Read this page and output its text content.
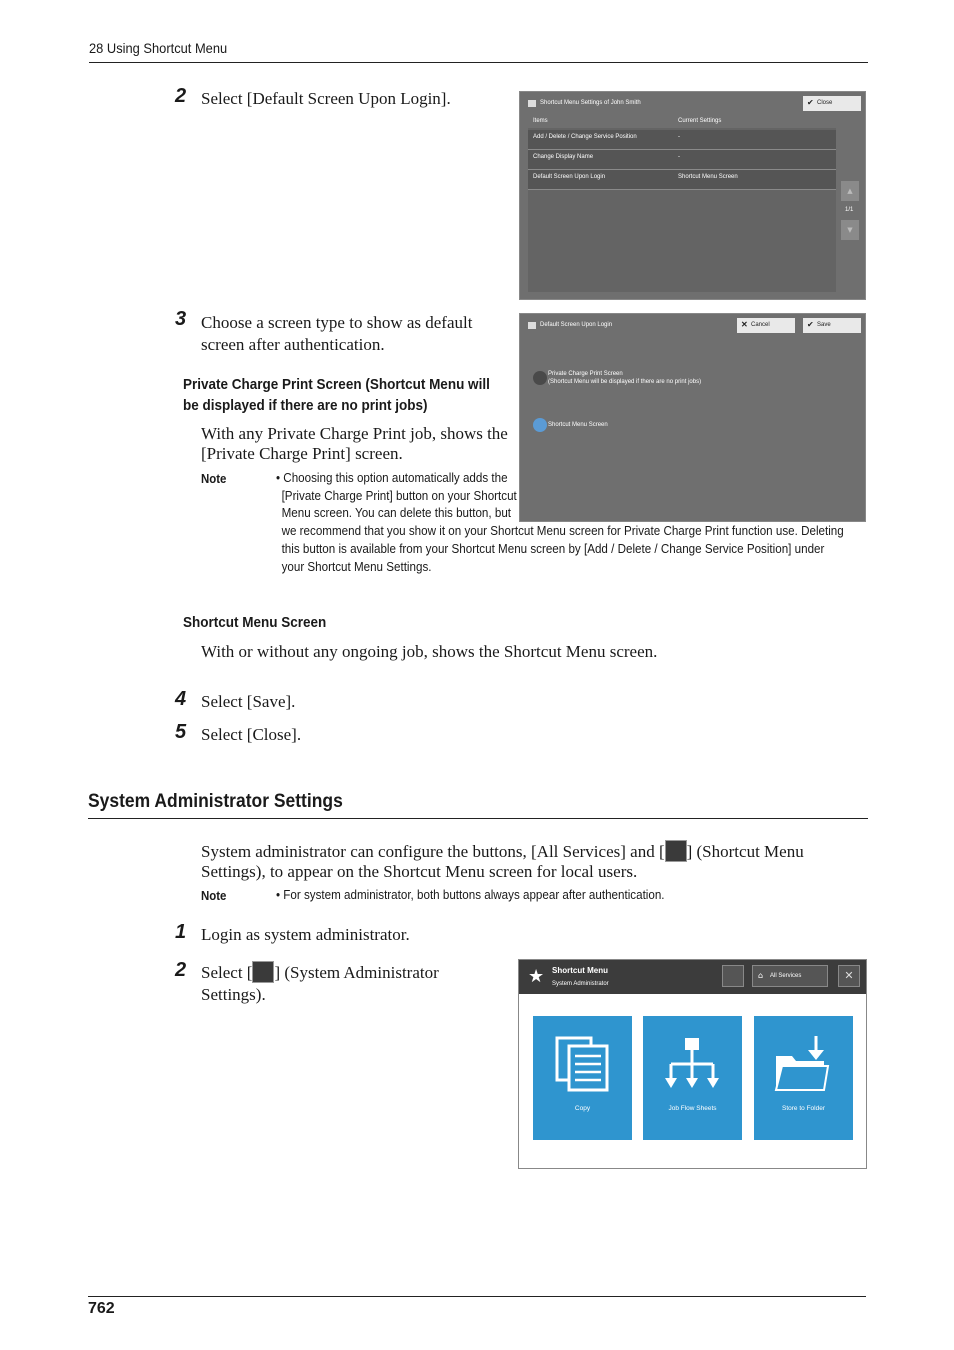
28 Using Shortcut Menu
2 Select [Default Screen Upon Login].	Shortcut Menu Settings of John Smith	✔ Close
Items	Current Settings
Add / Delete / Change Service Position	-
Change Display Name	-
Default Screen Upon Login	Shortcut Menu Screen
▲
1/1
▼
3 Choose a screen type to show as default screen after authentication.
Default Screen Upon Login	✕ Cancel	✔ Save
Private Charge Print Screen
(Shortcut Menu will be displayed if there are no print jobs)
Shortcut Menu Screen
Private Charge Print Screen (Shortcut Menu will be displayed if there are no print jobs)
With any Private Charge Print job, shows the [Private Charge Print] screen.
Note	• Choosing this option automatically adds the [Private Charge Print] button on your Shortcut Menu screen. You can delete this button, but we recommend that you show it on your Shortcut Menu screen for Private Charge Print function use. Deleting this button is available from your Shortcut Menu screen by [Add / Delete / Change Service Position] under your Shortcut Menu Settings.
Shortcut Menu Screen
With or without any ongoing job, shows the Shortcut Menu screen.
4 Select [Save].
5 Select [Close].
System Administrator Settings
System administrator can configure the buttons, [All Services] and [ ] (Shortcut Menu Settings), to appear on the Shortcut Menu screen for local users.
Note	• For system administrator, both buttons always appear after authentication.
1 Login as system administrator.
2 Select [ ] (System Administrator Settings).
★ Shortcut Menu
System Administrator
⌂ All Services	✕
Copy	Job Flow Sheets	Store to Folder
762
